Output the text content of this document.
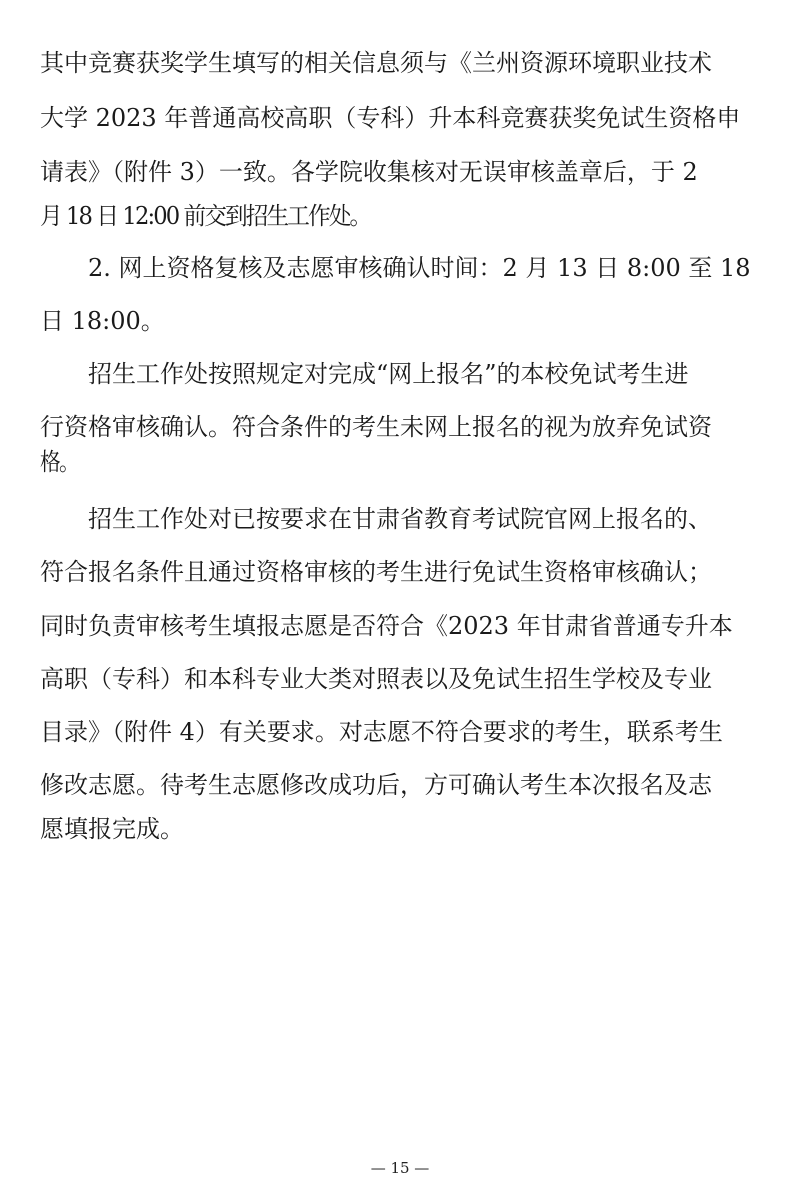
其中竞赛获奖学生填写的相关信息须与《兰州资源环境职业技术
大学 2023 年普通高校高职（专科）升本科竞赛获奖免试生资格申
请表》（附件 3）一致。各学院收集核对无误审核盖章后，于 2
月 18 日 12:00 前交到招生工作处。
2. 网上资格复核及志愿审核确认时间：2 月 13 日 8:00 至 18
日 18:00。
招生工作处按照规定对完成“网上报名”的本校免试考生进
行资格审核确认。符合条件的考生未网上报名的视为放弃免试资
格。
招生工作处对已按要求在甘肃省教育考试院官网上报名的、
符合报名条件且通过资格审核的考生进行免试生资格审核确认；
同时负责审核考生填报志愿是否符合《2023 年甘肃省普通专升本
高职（专科）和本科专业大类对照表以及免试生招生学校及专业
目录》（附件 4）有关要求。对志愿不符合要求的考生，联系考生
修改志愿。待考生志愿修改成功后，方可确认考生本次报名及志
愿填报完成。
— 15 —
